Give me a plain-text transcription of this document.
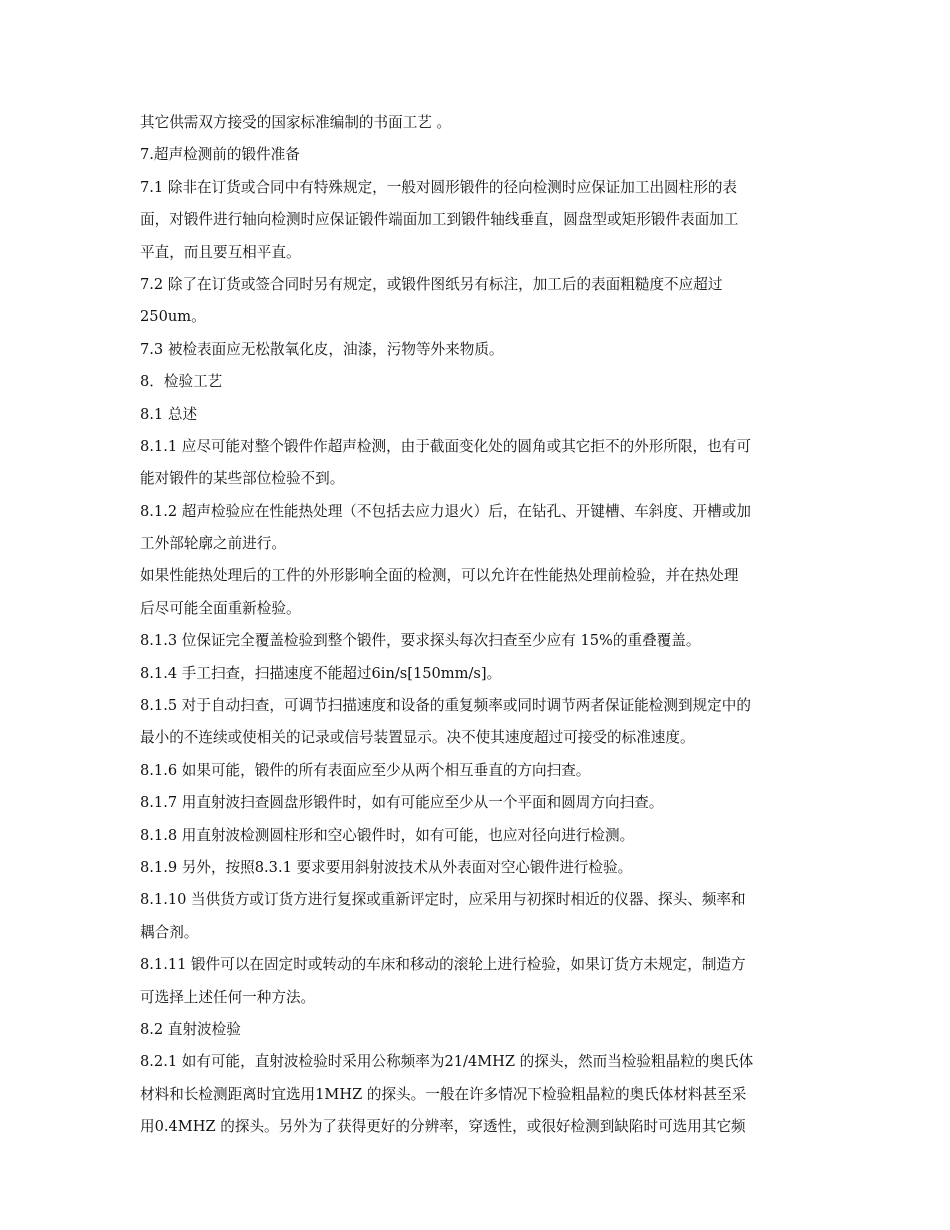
其它供需双方接受的国家标准编制的书面工艺 。
7.超声检测前的锻件准备
7.1 除非在订货或合同中有特殊规定，一般对圆形锻件的径向检测时应保证加工出圆柱形的表
面，对锻件进行轴向检测时应保证锻件端面加工到锻件轴线垂直，圆盘型或矩形锻件表面加工
平直，而且要互相平直。
7.2 除了在订货或签合同时另有规定，或锻件图纸另有标注，加工后的表面粗糙度不应超过
250um。
7.3 被检表面应无松散氧化皮，油漆，污物等外来物质。
8．检验工艺
8.1 总述
8.1.1 应尽可能对整个锻件作超声检测，由于截面变化处的圆角或其它拒不的外形所限，也有可
能对锻件的某些部位检验不到。
8.1.2 超声检验应在性能热处理（不包括去应力退火）后，在钻孔、开键槽、车斜度、开槽或加
工外部轮廓之前进行。
如果性能热处理后的工件的外形影响全面的检测，可以允许在性能热处理前检验，并在热处理
后尽可能全面重新检验。
8.1.3 位保证完全覆盖检验到整个锻件，要求探头每次扫查至少应有 15%的重叠覆盖。
8.1.4 手工扫查，扫描速度不能超过6in/s[150mm/s]。
8.1.5 对于自动扫查，可调节扫描速度和设备的重复频率或同时调节两者保证能检测到规定中的
最小的不连续或使相关的记录或信号装置显示。决不使其速度超过可接受的标准速度。
8.1.6 如果可能，锻件的所有表面应至少从两个相互垂直的方向扫查。
8.1.7 用直射波扫查圆盘形锻件时，如有可能应至少从一个平面和圆周方向扫查。
8.1.8 用直射波检测圆柱形和空心锻件时，如有可能，也应对径向进行检测。
8.1.9 另外，按照8.3.1 要求要用斜射波技术从外表面对空心锻件进行检验。
8.1.10 当供货方或订货方进行复探或重新评定时，应采用与初探时相近的仪器、探头、频率和
耦合剂。
8.1.11 锻件可以在固定时或转动的车床和移动的滚轮上进行检验，如果订货方未规定，制造方
可选择上述任何一种方法。
8.2 直射波检验
8.2.1 如有可能，直射波检验时采用公称频率为21/4MHZ 的探头，然而当检验粗晶粒的奥氏体
材料和长检测距离时宜选用1MHZ 的探头。一般在许多情况下检验粗晶粒的奥氏体材料甚至采
用0.4MHZ 的探头。另外为了获得更好的分辨率，穿透性，或很好检测到缺陷时可选用其它频
